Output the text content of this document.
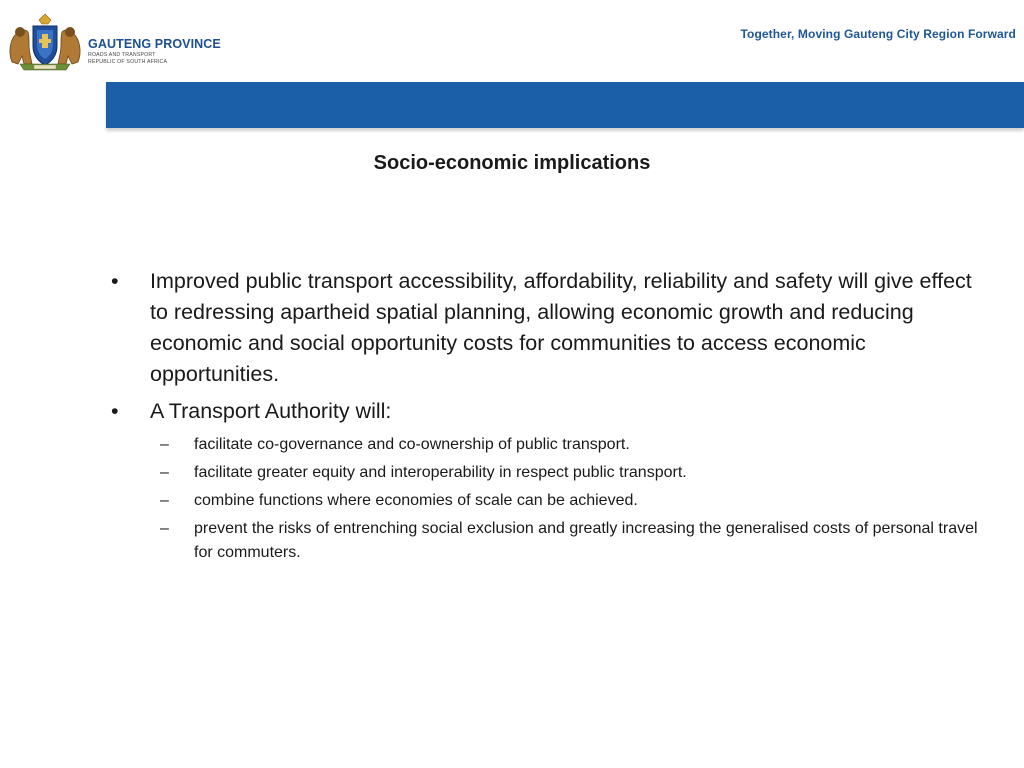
GAUTENG PROVINCE
ROADS AND TRANSPORT
REPUBLIC OF SOUTH AFRICA
Together, Moving Gauteng City Region Forward
Socio-economic implications
• Improved public transport accessibility, affordability, reliability and safety will give effect to redressing apartheid spatial planning, allowing economic growth and reducing economic and social opportunity costs for communities to access economic opportunities.
• A Transport Authority will:
– facilitate co-governance and co-ownership of public transport.
– facilitate greater equity and interoperability in respect public transport.
– combine functions where economies of scale can be achieved.
– prevent the risks of entrenching social exclusion and greatly increasing the generalised costs of personal travel for commuters.
